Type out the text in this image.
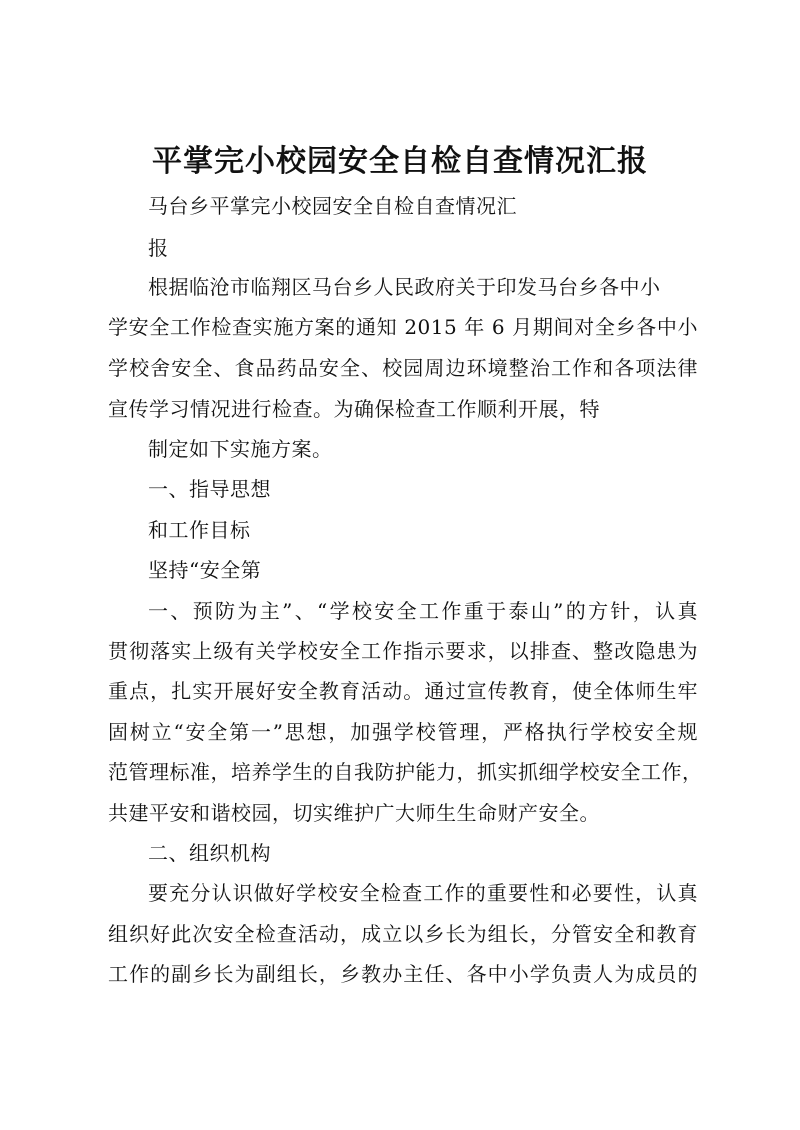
平掌完小校园安全自检自查情况汇报
马台乡平掌完小校园安全自检自查情况汇
报
根据临沧市临翔区马台乡人民政府关于印发马台乡各中小
学安全工作检查实施方案的通知 2015 年 6 月期间对全乡各中小
学校舍安全、食品药品安全、校园周边环境整治工作和各项法律
宣传学习情况进行检查。为确保检查工作顺利开展，特
制定如下实施方案。
一、指导思想
和工作目标
坚持“安全第
一、预防为主”、“学校安全工作重于泰山”的方针，认真
贯彻落实上级有关学校安全工作指示要求，以排查、整改隐患为
重点，扎实开展好安全教育活动。通过宣传教育，使全体师生牢
固树立“安全第一”思想，加强学校管理，严格执行学校安全规
范管理标准，培养学生的自我防护能力，抓实抓细学校安全工作，
共建平安和谐校园，切实维护广大师生生命财产安全。
二、组织机构
要充分认识做好学校安全检查工作的重要性和必要性，认真
组织好此次安全检查活动，成立以乡长为组长，分管安全和教育
工作的副乡长为副组长，乡教办主任、各中小学负责人为成员的
